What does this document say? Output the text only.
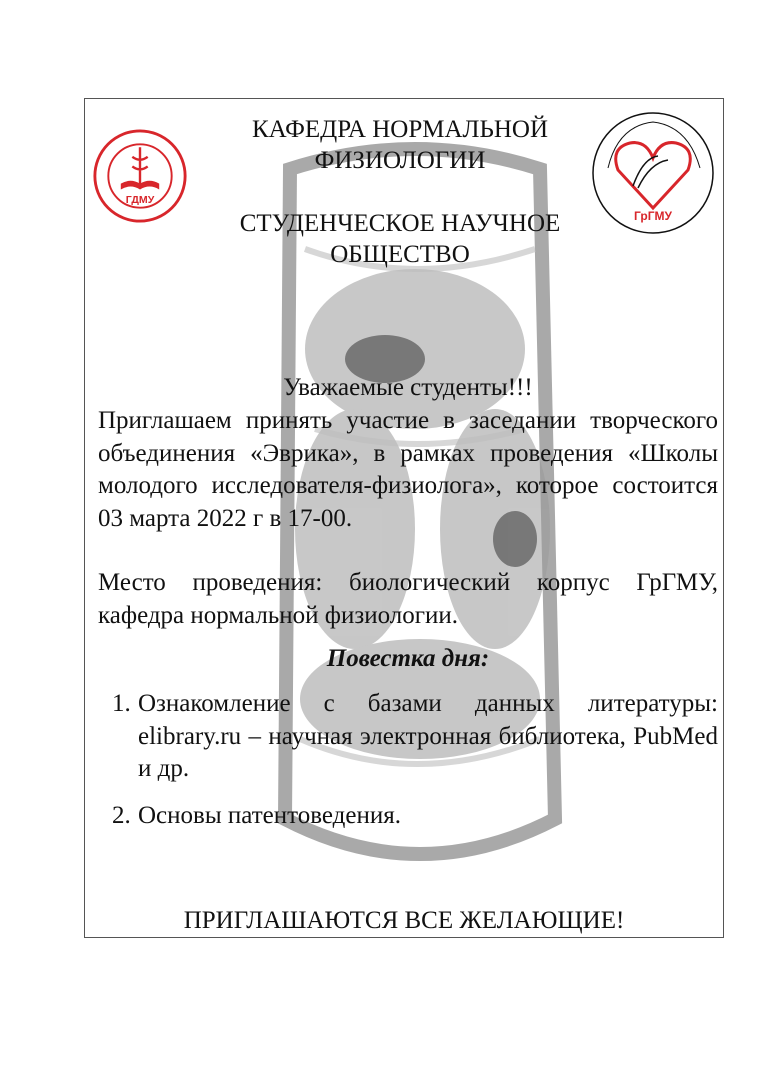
ГДМУ
ГрГМУ
КАФЕДРА НОРМАЛЬНОЙ
ФИЗИОЛОГИИ
СТУДЕНЧЕСКОЕ НАУЧНОЕ
ОБЩЕСТВО
Уважаемые студенты!!!
Приглашаем принять участие в заседании творческого объединения «Эврика», в рамках проведения «Школы молодого исследователя-физиолога», которое состоится 03 марта 2022 г в 17-00.
Место проведения: биологический корпус ГрГМУ, кафедра нормальной физиологии.
Повестка дня:
1. Ознакомление с базами данных литературы: elibrary.ru – научная электронная библиотека, PubMed и др.
2. Основы патентоведения.
ПРИГЛАШАЮТСЯ ВСЕ ЖЕЛАЮЩИЕ!
